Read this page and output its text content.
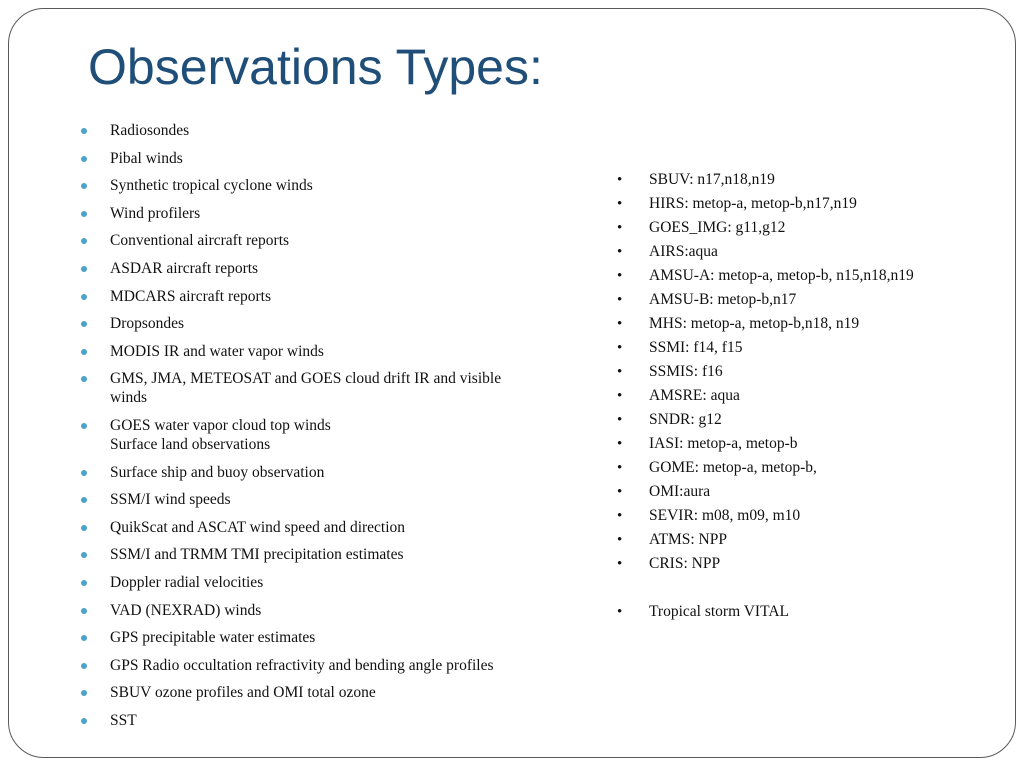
Observations Types:
Radiosondes
Pibal winds
Synthetic tropical cyclone winds
Wind profilers
Conventional aircraft reports
ASDAR aircraft reports
MDCARS aircraft reports
Dropsondes
MODIS IR and water vapor winds
GMS, JMA, METEOSAT and GOES cloud drift IR and visible
winds
GOES water vapor cloud top winds
Surface land observations
Surface ship and buoy observation
SSM/I wind speeds
QuikScat and ASCAT wind speed and direction
SSM/I and TRMM TMI precipitation estimates
Doppler radial velocities
VAD (NEXRAD) winds
GPS precipitable water estimates
GPS Radio occultation refractivity and bending angle profiles
SBUV ozone profiles and OMI total ozone
SST
• SBUV: n17,n18,n19
• HIRS: metop-a, metop-b,n17,n19
• GOES_IMG: g11,g12
• AIRS:aqua
• AMSU-A: metop-a, metop-b, n15,n18,n19
• AMSU-B: metop-b,n17
• MHS: metop-a, metop-b,n18, n19
• SSMI: f14, f15
• SSMIS: f16
• AMSRE: aqua
• SNDR: g12
• IASI: metop-a, metop-b
• GOME: metop-a, metop-b,
• OMI:aura
• SEVIR: m08, m09, m10
• ATMS: NPP
• CRIS: NPP
• Tropical storm VITAL
